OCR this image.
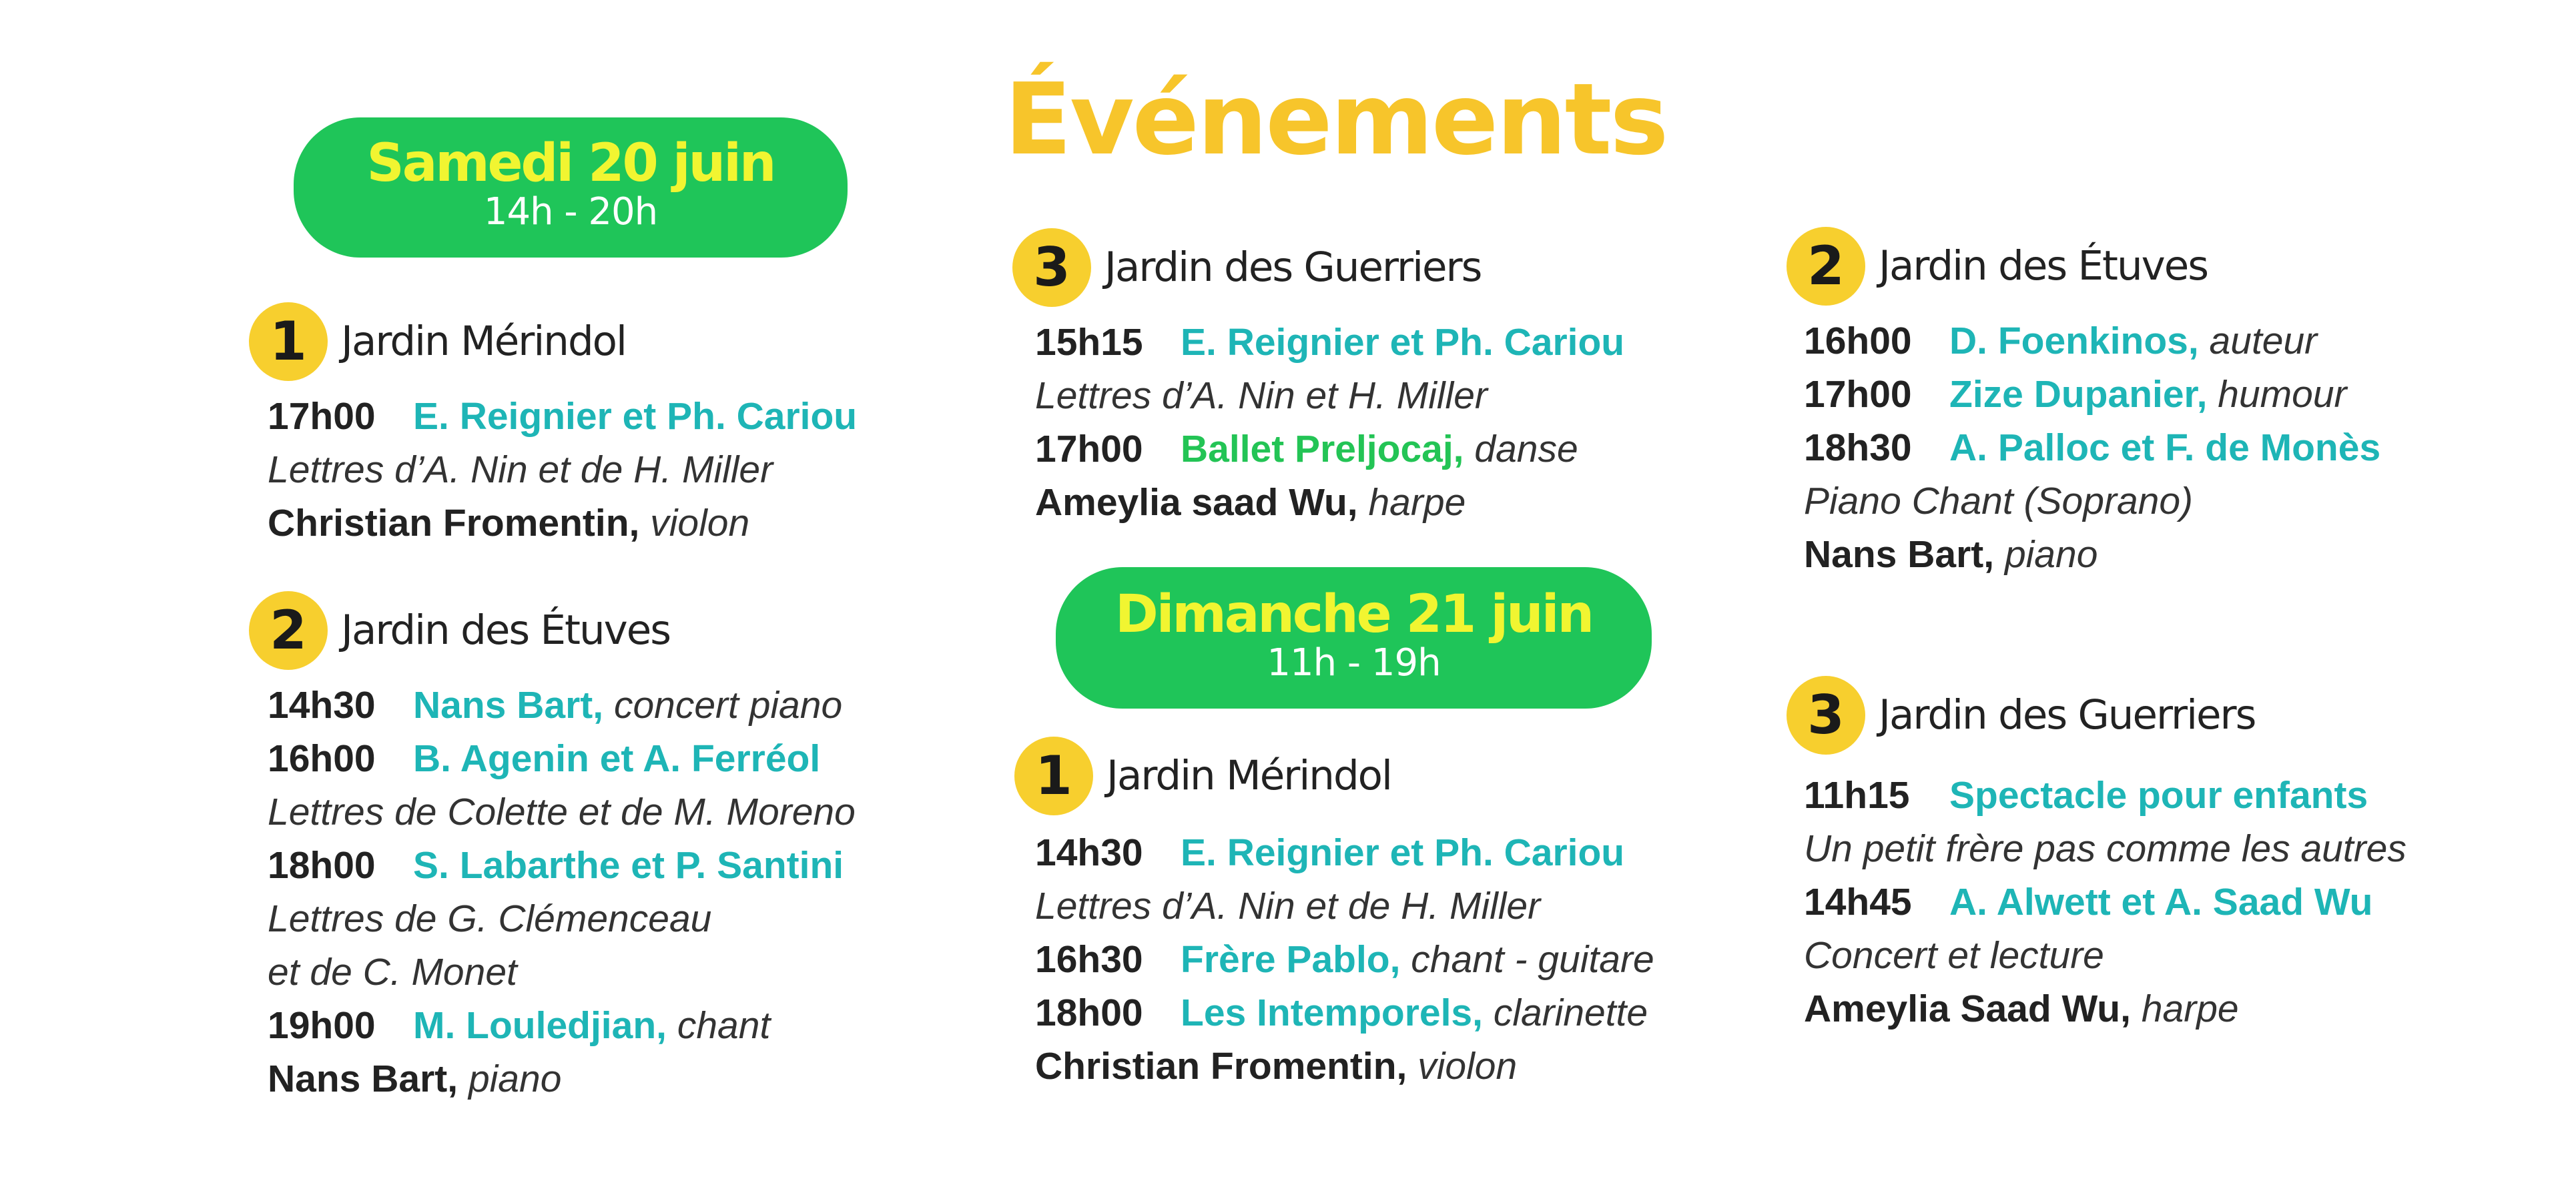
Événements
Samedi 20 juin
14h - 20h
1 Jardin Mérindol
17h00 E. Reignier et Ph. Cariou
Lettres d’A. Nin et de H. Miller
Christian Fromentin, violon
2 Jardin des Étuves
14h30 Nans Bart, concert piano
16h00 B. Agenin et A. Ferréol
Lettres de Colette et de M. Moreno
18h00 S. Labarthe et P. Santini
Lettres de G. Clémenceau
et de C. Monet
19h00 M. Louledjian, chant
Nans Bart, piano
3 Jardin des Guerriers
15h15 E. Reignier et Ph. Cariou
Lettres d’A. Nin et H. Miller
17h00 Ballet Preljocaj, danse
Ameylia saad Wu, harpe
Dimanche 21 juin
11h - 19h
1 Jardin Mérindol
14h30 E. Reignier et Ph. Cariou
Lettres d’A. Nin et de H. Miller
16h30 Frère Pablo, chant - guitare
18h00 Les Intemporels, clarinette
Christian Fromentin, violon
2 Jardin des Étuves
16h00 D. Foenkinos, auteur
17h00 Zize Dupanier, humour
18h30 A. Palloc et F. de Monès
Piano Chant (Soprano)
Nans Bart, piano
3 Jardin des Guerriers
11h15 Spectacle pour enfants
Un petit frère pas comme les autres
14h45 A. Alwett et A. Saad Wu
Concert et lecture
Ameylia Saad Wu, harpe
